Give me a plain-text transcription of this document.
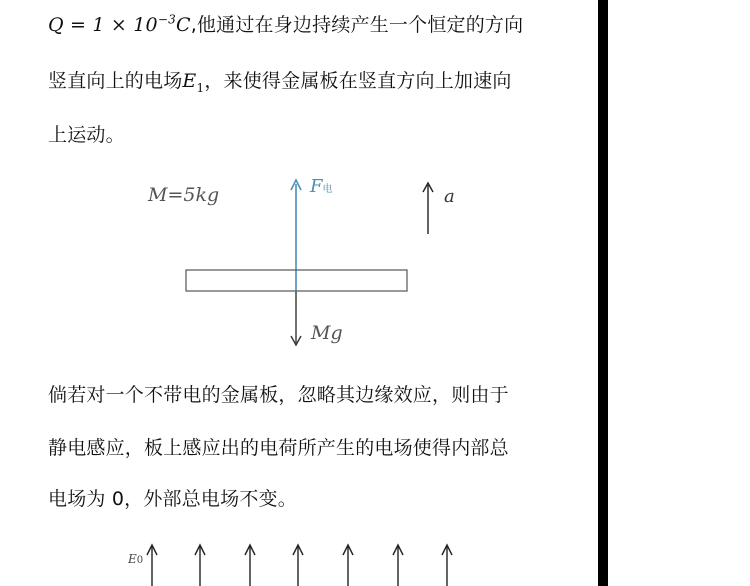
$Q = 1 \times 10^{-3}C$,他通过在身边持续产生一个恒定的方向
竖直向上的电场$E_1$，来使得金属板在竖直方向上加速向
上运动。
M=5kg	F电	a
Mg
倘若对一个不带电的金属板，忽略其边缘效应，则由于
静电感应，板上感应出的电荷所产生的电场使得内部总
电场为 0，外部总电场不变。
E0
